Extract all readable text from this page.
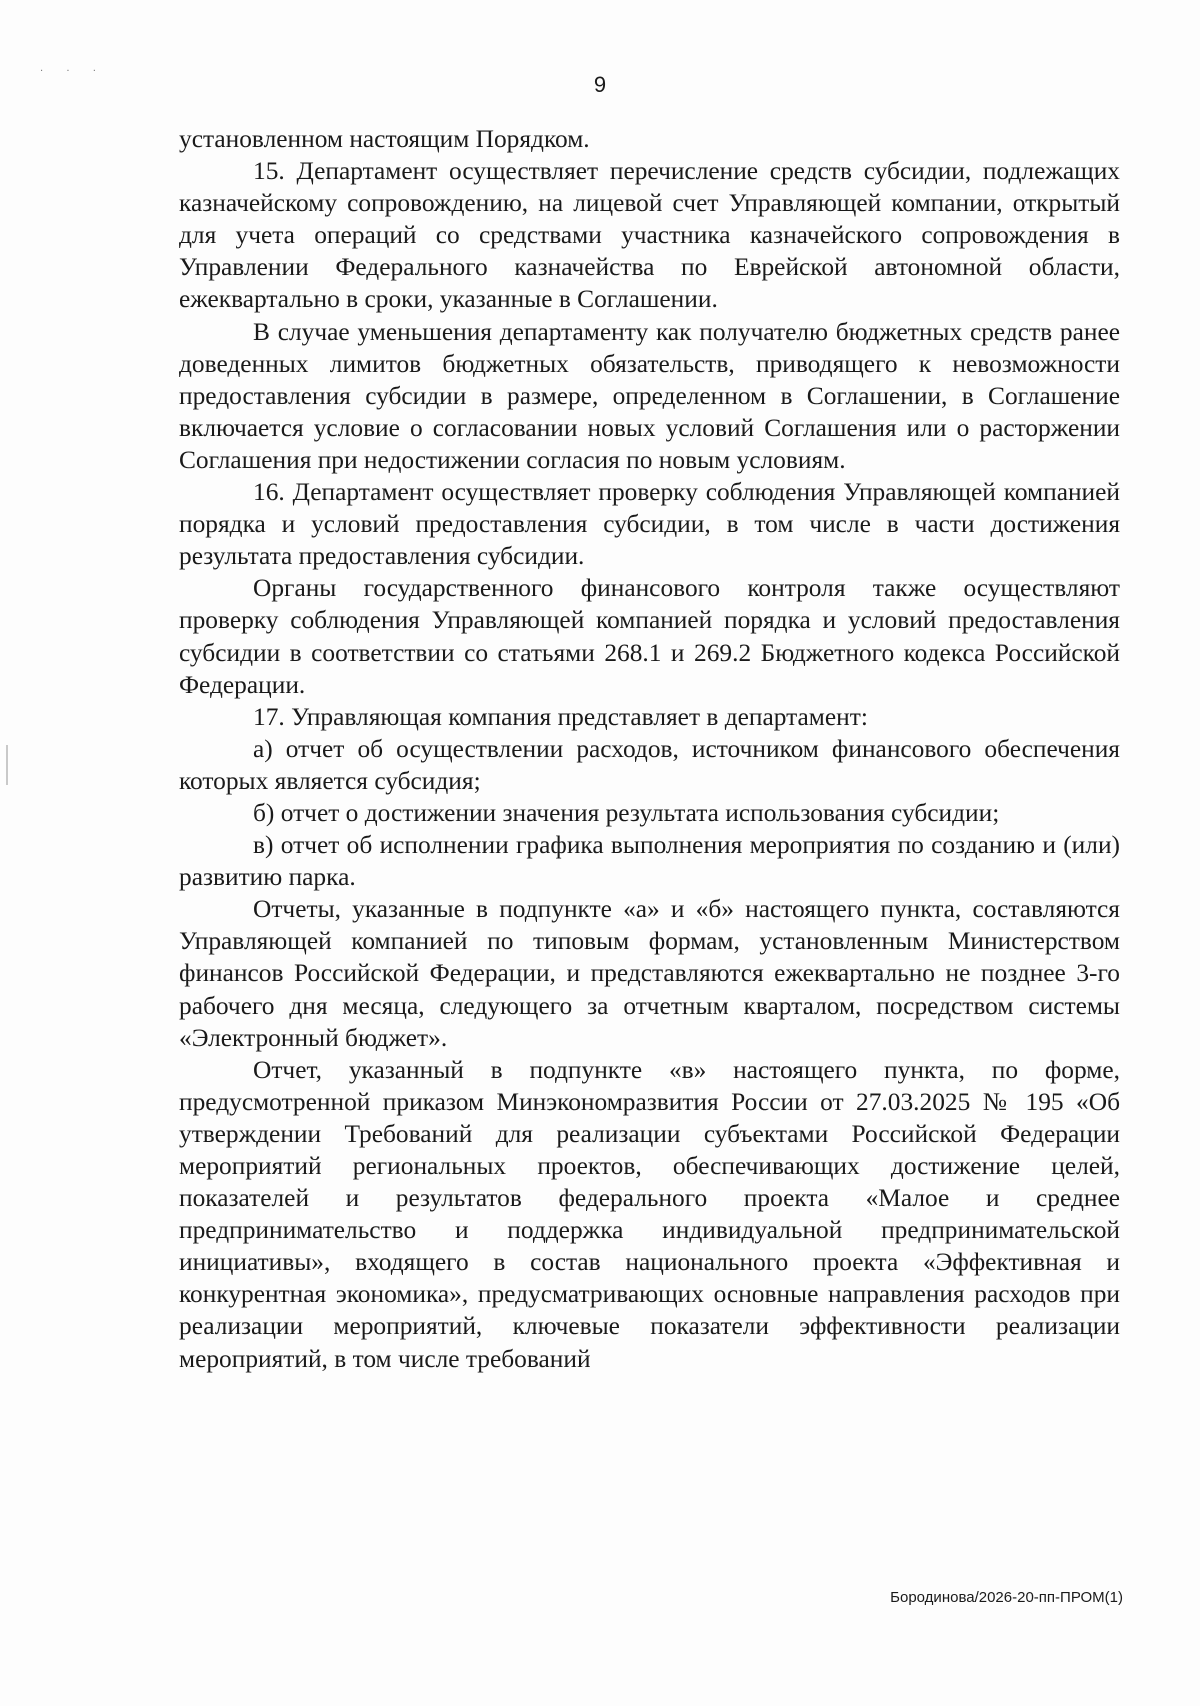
· · ·
9

установленном настоящим Порядком.

15. Департамент осуществляет перечисление средств субсидии, подлежащих казначейскому сопровождению, на лицевой счет Управляющей компании, открытый для учета операций со средствами участника казначейского сопровождения в Управлении Федерального казначейства по Еврейской автономной области, ежеквартально в сроки, указанные в Соглашении.

В случае уменьшения департаменту как получателю бюджетных средств ранее доведенных лимитов бюджетных обязательств, приводящего к невозможности предоставления субсидии в размере, определенном в Соглашении, в Соглашение включается условие о согласовании новых условий Соглашения или о расторжении Соглашения при недостижении согласия по новым условиям.

16. Департамент осуществляет проверку соблюдения Управляющей компанией порядка и условий предоставления субсидии, в том числе в части достижения результата предоставления субсидии.

Органы государственного финансового контроля также осуществляют проверку соблюдения Управляющей компанией порядка и условий предоставления субсидии в соответствии со статьями 268.1 и 269.2 Бюджетного кодекса Российской Федерации.

17. Управляющая компания представляет в департамент:

а) отчет об осуществлении расходов, источником финансового обеспечения которых является субсидия;

б) отчет о достижении значения результата использования субсидии;

в) отчет об исполнении графика выполнения мероприятия по созданию и (или) развитию парка.

Отчеты, указанные в подпункте «а» и «б» настоящего пункта, составляются Управляющей компанией по типовым формам, установленным Министерством финансов Российской Федерации, и представляются ежеквартально не позднее 3-го рабочего дня месяца, следующего за отчетным кварталом, посредством системы «Электронный бюджет».

Отчет, указанный в подпункте «в» настоящего пункта, по форме, предусмотренной приказом Минэкономразвития России от 27.03.2025 № 195 «Об утверждении Требований для реализации субъектами Российской Федерации мероприятий региональных проектов, обеспечивающих достижение целей, показателей и результатов федерального проекта «Малое и среднее предпринимательство и поддержка индивидуальной предпринимательской инициативы», входящего в состав национального проекта «Эффективная и конкурентная экономика», предусматривающих основные направления расходов при реализации мероприятий, ключевые показатели эффективности реализации мероприятий, в том числе требований

Бородинова/2026-20-пп-ПРОМ(1)
